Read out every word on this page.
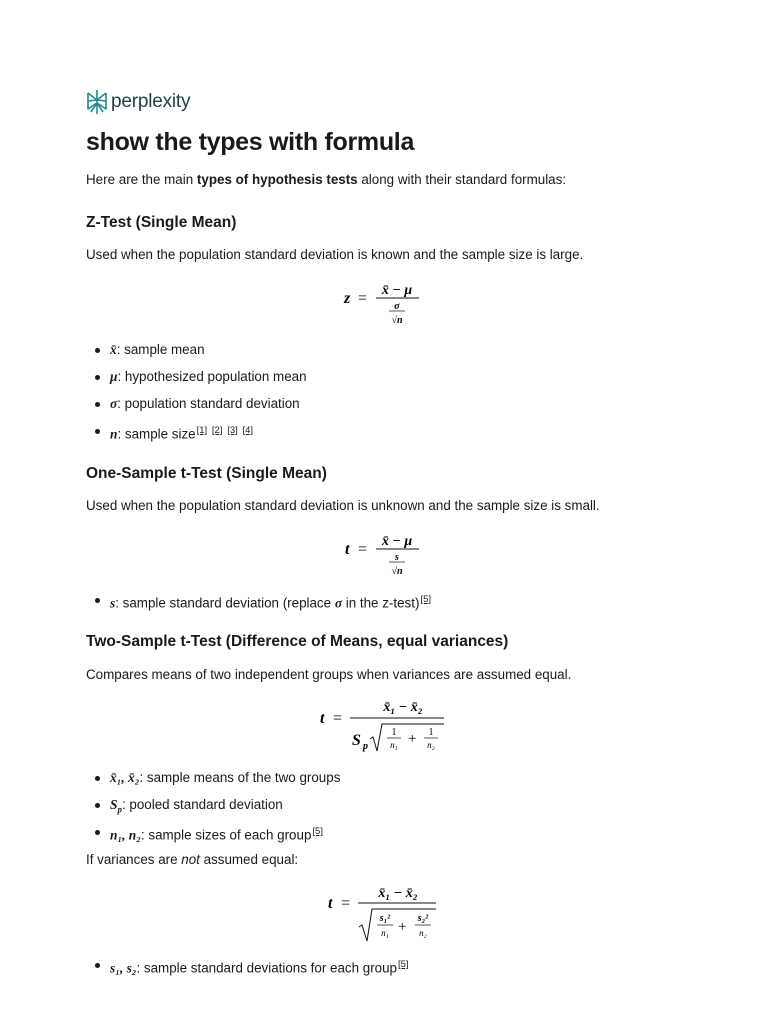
perplexity
show the types with formula
Here are the main types of hypothesis tests along with their standard formulas:
Z-Test (Single Mean)
Used when the population standard deviation is known and the sample size is large.
z = x̄ − μ
σ
√n
x̄: sample mean
μ: hypothesized population mean
σ: population standard deviation
n: sample size[1] [2] [3] [4]
One-Sample t-Test (Single Mean)
Used when the population standard deviation is unknown and the sample size is small.
t = x̄ − μ
s
√n
s: sample standard deviation (replace σ in the z-test)[5]
Two-Sample t-Test (Difference of Means, equal variances)
Compares means of two independent groups when variances are assumed equal.
t =
x̄₁ − x̄₂
S p
1
n₁ + 1
n₂
x̄₁, x̄₂: sample means of the two groups
$S_p$: pooled standard deviation
n₁, n₂: sample sizes of each group[5]
If variances are not assumed equal:
t =
x̄₁ − x̄₂
s₁²
n₁ +
s₂²
n₂
s₁, s₂: sample standard deviations for each group[5]
